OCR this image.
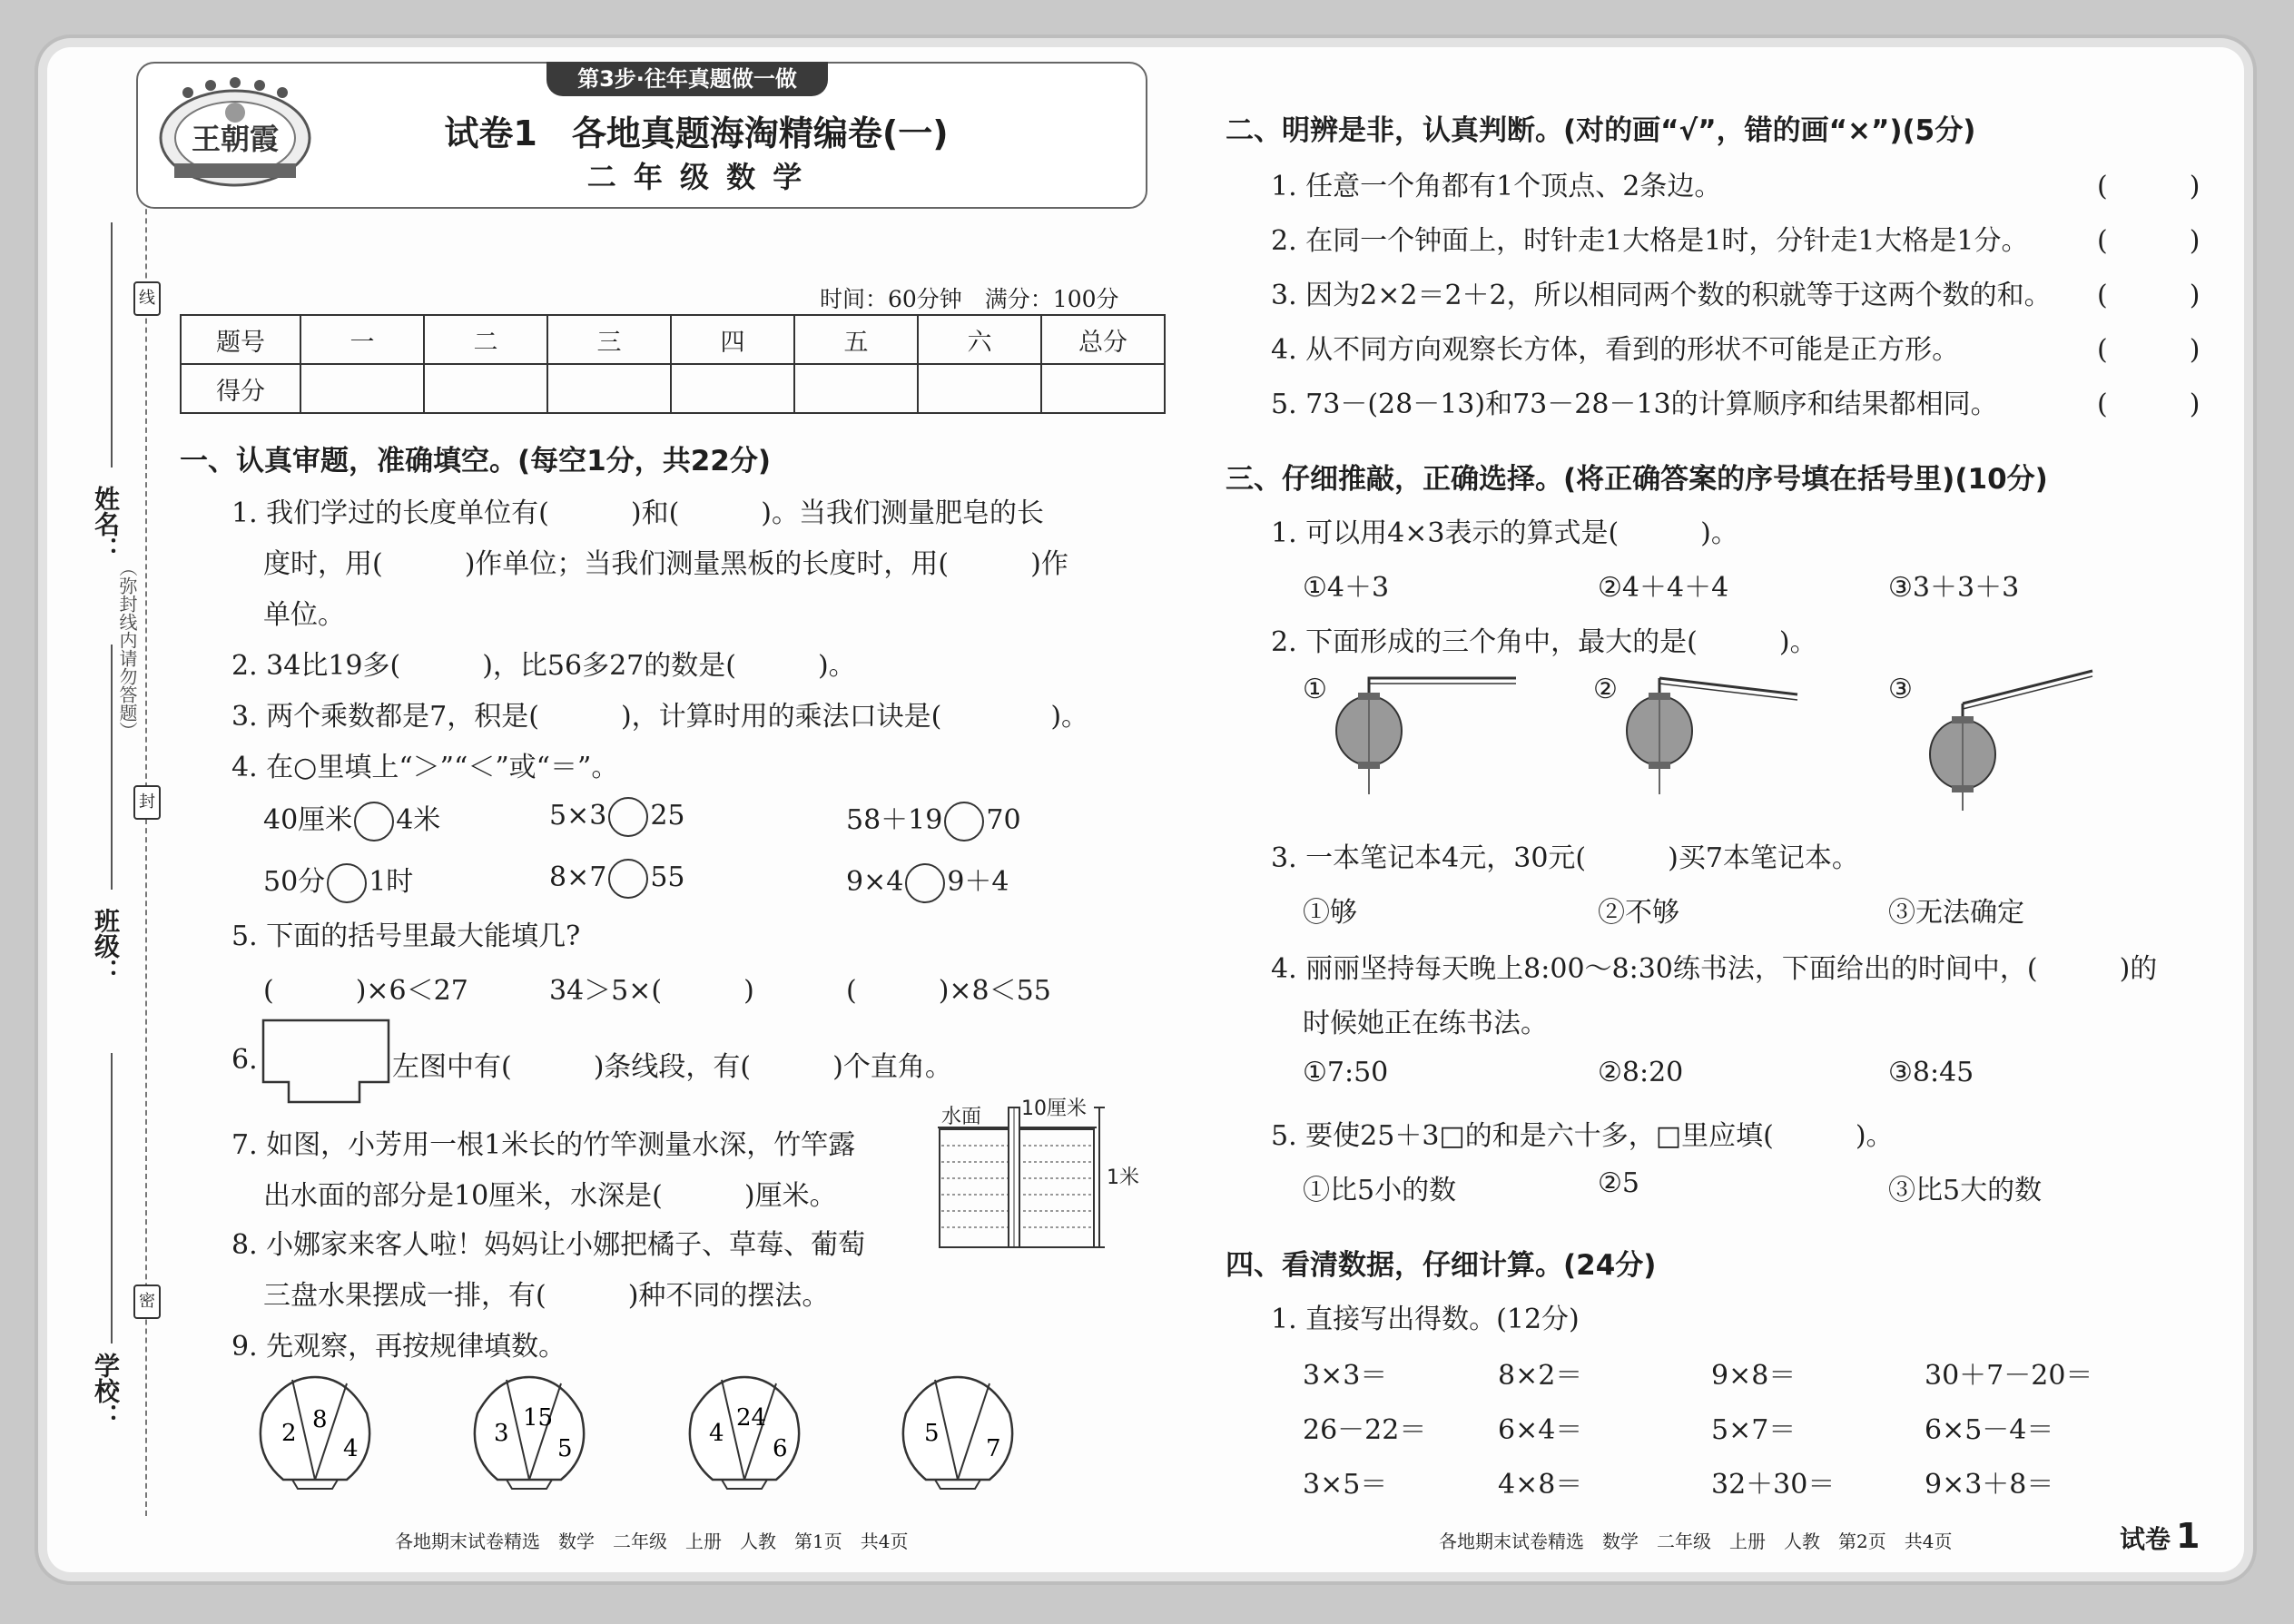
线
封
密
（弥封线内请勿答题）
姓名：
班级：
学校：
第3步·往年真题做一做
王朝霞	试卷1　各地真题海淘精编卷(一)
二 年 级 数 学
时间：60分钟　满分：100分
题号	一	二	三	四	五	六	总分
得分							
一、认真审题，准确填空。(每空1分，共22分)
1. 我们学过的长度单位有(　　　)和(　　　)。当我们测量肥皂的长
度时，用(　　　)作单位；当我们测量黑板的长度时，用(　　　)作
单位。
2. 34比19多(　　　)，比56多27的数是(　　　)。
3. 两个乘数都是7，积是(　　　)，计算时用的乘法口诀是(　　　　)。
4. 在○里填上“＞”“＜”或“＝”。
40厘米 4米	5×3 25	58＋19 70
50分 1时	8×7 55	9×4 9＋4
5. 下面的括号里最大能填几?
(　　　)×6＜27	34＞5×(　　　)	(　　　)×8＜55
6.	左图中有(　　　)条线段，有(　　　)个直角。
7. 如图，小芳用一根1米长的竹竿测量水深，竹竿露
出水面的部分是10厘米，水深是(　　　)厘米。
水面 10厘米
1米
8. 小娜家来客人啦！妈妈让小娜把橘子、草莓、葡萄
三盘水果摆成一排，有(　　　)种不同的摆法。
9. 先观察，再按规律填数。
2 8
4
3
15
5
4
24
6
5
7
各地期末试卷精选　数学　二年级　上册　人教　第1页　共4页
二、明辨是非，认真判断。(对的画“√”，错的画“×”)(5分)
1. 任意一个角都有1个顶点、2条边。	(　　　)
2. 在同一个钟面上，时针走1大格是1时，分针走1大格是1分。	(　　　)
3. 因为2×2＝2＋2，所以相同两个数的积就等于这两个数的和。 (　　　)
4. 从不同方向观察长方体，看到的形状不可能是正方形。	(　　　)
5. 73－(28－13)和73－28－13的计算顺序和结果都相同。	(　　　)
三、仔细推敲，正确选择。(将正确答案的序号填在括号里)(10分)
1. 可以用4×3表示的算式是(　　　)。
①4＋3	②4＋4＋4	③3＋3＋3
2. 下面形成的三个角中，最大的是(　　　)。
①	②	③
3. 一本笔记本4元，30元(　　　)买7本笔记本。
①够	②不够	③无法确定
4. 丽丽坚持每天晚上8:00～8:30练书法，下面给出的时间中，(　　　)的
时候她正在练书法。
①7:50	②8:20	③8:45
5. 要使25＋3□的和是六十多，□里应填(　　　)。
①比5小的数	②5	③比5大的数
四、看清数据，仔细计算。(24分)
1. 直接写出得数。(12分)
3×3＝	8×2＝	9×8＝	30＋7－20＝
26－22＝	6×4＝	5×7＝	6×5－4＝
3×5＝	4×8＝	32＋30＝	9×3＋8＝
各地期末试卷精选　数学　二年级　上册　人教　第2页　共4页	试卷 1
